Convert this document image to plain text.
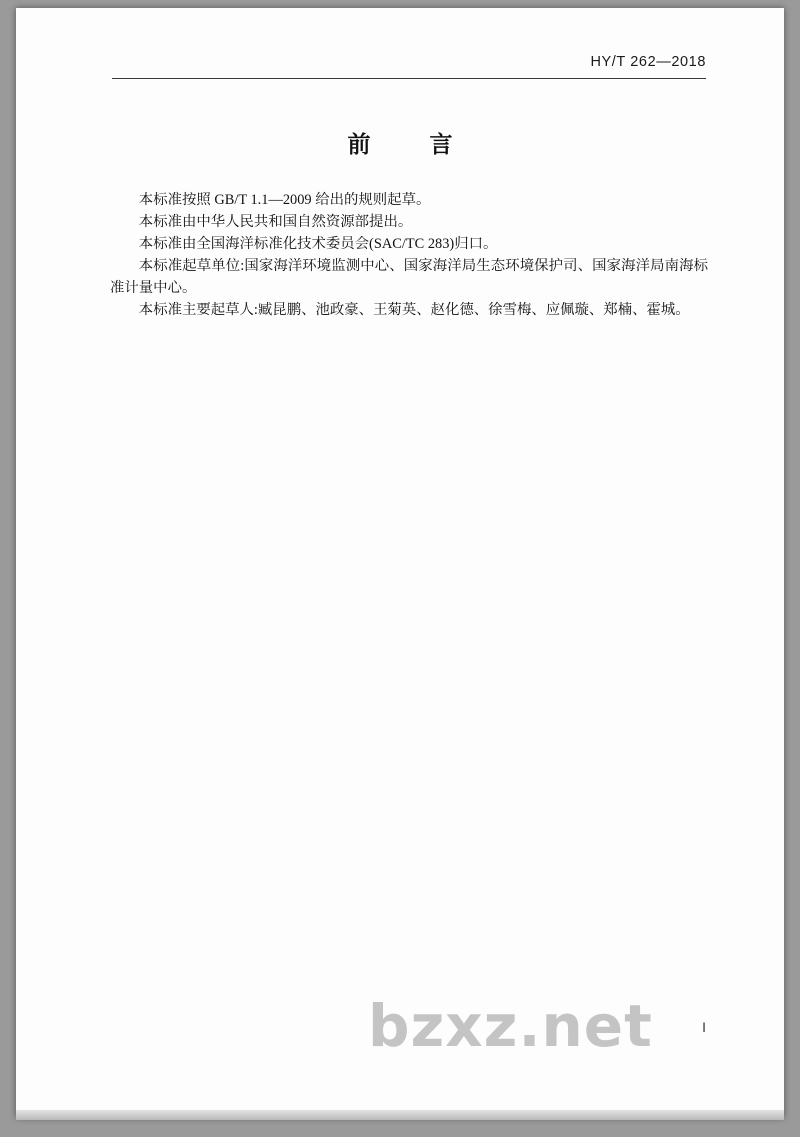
HY/T 262—2018
前　言

本标准按照 GB/T 1.1—2009 给出的规则起草。

本标准由中华人民共和国自然资源部提出。

本标准由全国海洋标准化技术委员会(SAC/TC 283)归口。

本标准起草单位:国家海洋环境监测中心、国家海洋局生态环境保护司、国家海洋局南海标准计量中心。

本标准主要起草人:臧昆鹏、池政豪、王菊英、赵化德、徐雪梅、应佩璇、郑楠、霍城。

bzxz.net	Ⅰ
